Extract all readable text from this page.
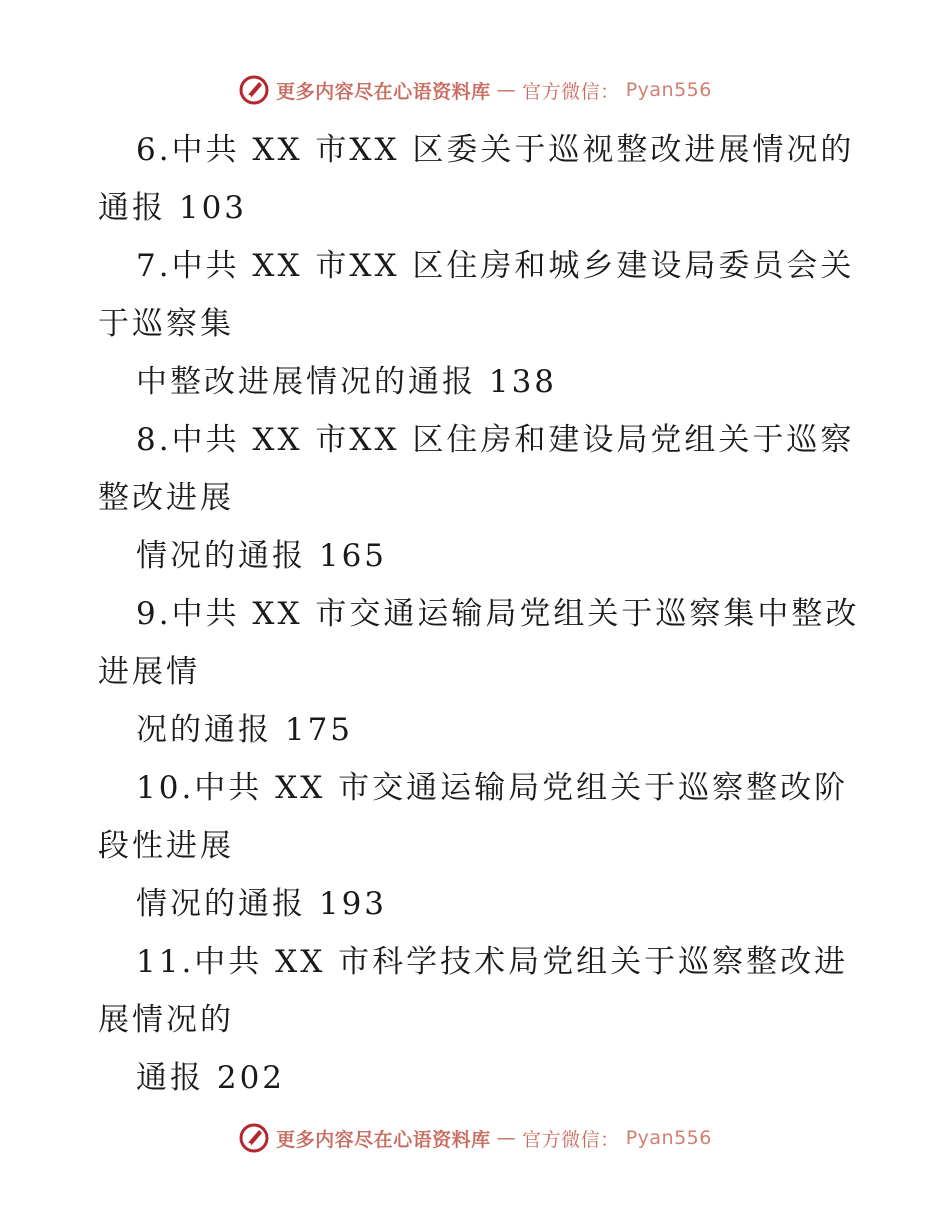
更多内容尽在心语资料库 — 官方微信： Pyan556
6.中共 XX 市XX 区委关于巡视整改进展情况的
通报 103
7.中共 XX 市XX 区住房和城乡建设局委员会关
于巡察集
中整改进展情况的通报 138
8.中共 XX 市XX 区住房和建设局党组关于巡察
整改进展
情况的通报 165
9.中共 XX 市交通运输局党组关于巡察集中整改
进展情
况的通报 175
10.中共 XX 市交通运输局党组关于巡察整改阶
段性进展
情况的通报 193
11.中共 XX 市科学技术局党组关于巡察整改进
展情况的
通报 202
更多内容尽在心语资料库 — 官方微信： Pyan556
